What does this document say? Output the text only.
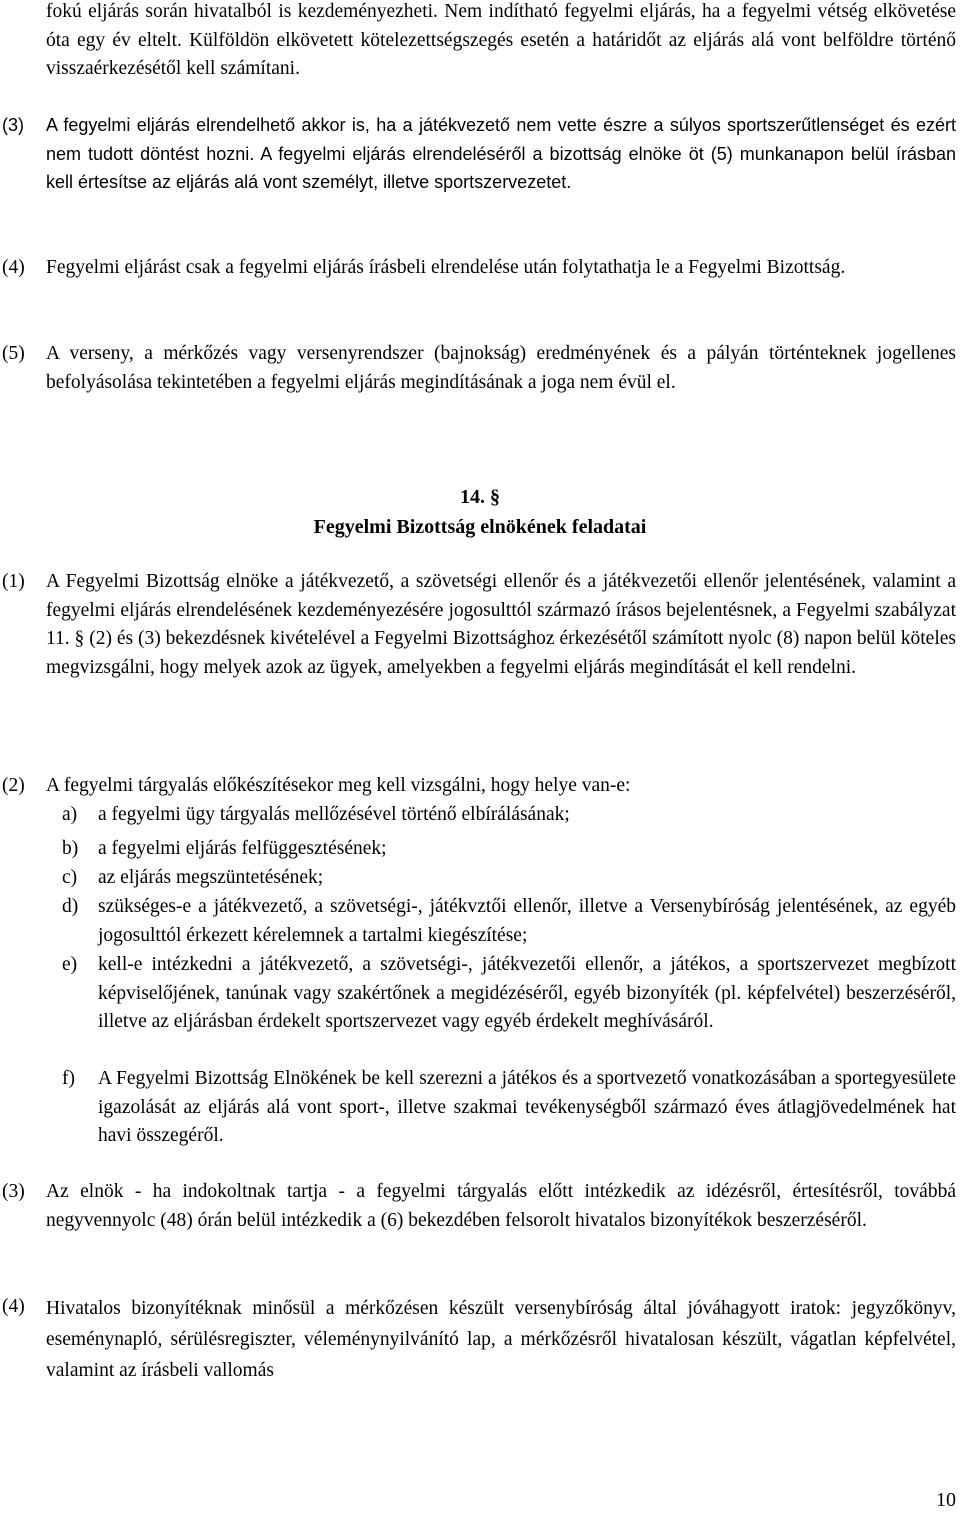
fokú eljárás során hivatalból is kezdeményezheti. Nem indítható fegyelmi eljárás, ha a fegyelmi vétség elkövetése óta egy év eltelt. Külföldön elkövetett kötelezettségszegés esetén a határidőt az eljárás alá vont belföldre történő visszaérkezésétől kell számítani.

(3)	A fegyelmi eljárás elrendelhető akkor is, ha a játékvezető nem vette észre a súlyos sportszerűtlenséget és ezért nem tudott döntést hozni. A fegyelmi eljárás elrendeléséről a bizottság elnöke öt (5) munkanapon belül írásban kell értesítse az eljárás alá vont személyt, illetve sportszervezetet.

(4)	Fegyelmi eljárást csak a fegyelmi eljárás írásbeli elrendelése után folytathatja le a Fegyelmi Bizottság.

(5)	A verseny, a mérkőzés vagy versenyrendszer (bajnokság) eredményének és a pályán történteknek jogellenes befolyásolása tekintetében a fegyelmi eljárás megindításának a joga nem évül el.

14. §
Fegyelmi Bizottság elnökének feladatai
(1)	A Fegyelmi Bizottság elnöke a játékvezető, a szövetségi ellenőr és a játékvezetői ellenőr jelentésének, valamint a fegyelmi eljárás elrendelésének kezdeményezésére jogosulttól származó írásos bejelentésnek, a Fegyelmi szabályzat 11. § (2) és (3) bekezdésnek kivételével a Fegyelmi Bizottsághoz érkezésétől számított nyolc (8) napon belül köteles megvizsgálni, hogy melyek azok az ügyek, amelyekben a fegyelmi eljárás megindítását el kell rendelni.

(2)	A fegyelmi tárgyalás előkészítésekor meg kell vizsgálni, hogy helye van-e:

a)	a fegyelmi ügy tárgyalás mellőzésével történő elbírálásának;
b)	a fegyelmi eljárás felfüggesztésének;
c)	az eljárás megszüntetésének;
d)	szükséges-e a játékvezető, a szövetségi-, játékvztői ellenőr, illetve a Versenybíróság jelentésének, az egyéb jogosulttól érkezett kérelemnek a tartalmi kiegészítése;
e)	kell-e intézkedni a játékvezető, a szövetségi-, játékvezetői ellenőr, a játékos, a sportszervezet megbízott képviselőjének, tanúnak vagy szakértőnek a megidézéséről, egyéb bizonyíték (pl. képfelvétel) beszerzéséről, illetve az eljárásban érdekelt sportszervezet vagy egyéb érdekelt meghívásáról.
f)	A Fegyelmi Bizottság Elnökének be kell szerezni a játékos és a sportvezető vonatkozásában a sportegyesülete igazolását az eljárás alá vont sport-, illetve szakmai tevékenységből származó éves átlagjövedelmének hat havi összegéről.
(3)	Az elnök - ha indokoltnak tartja - a fegyelmi tárgyalás előtt intézkedik az idézésről, értesítésről, továbbá negyvennyolc (48) órán belül intézkedik a (6) bekezdében felsorolt hivatalos bizonyítékok beszerzéséről.

(4)	Hivatalos bizonyítéknak minősül a mérkőzésen készült versenybíróság által jóváhagyott iratok: jegyzőkönyv, eseménynapló, sérülésregiszter, véleménynyilvánító lap, a mérkőzésről hivatalosan készült, vágatlan képfelvétel, valamint az írásbeli vallomás

10
